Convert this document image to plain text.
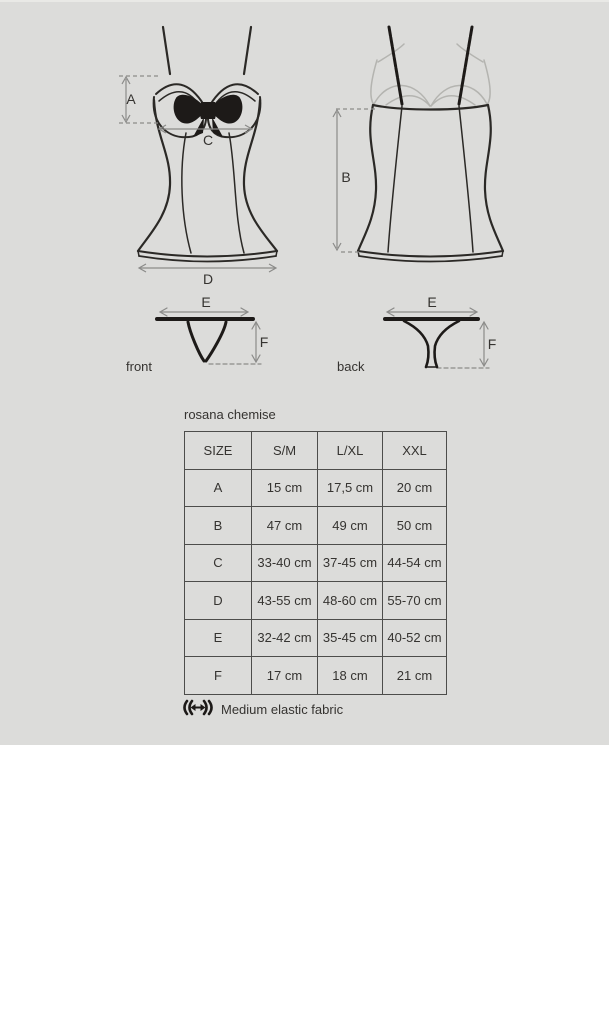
A
C
D
B
E
F
E
F
front	back
rosana chemise
SIZE	S/M	L/XL	XXL
A	15 cm	17,5 cm	20 cm
B	47 cm	49 cm	50 cm
C	33-40 cm	37-45 cm	44-54 cm
D	43-55 cm	48-60 cm	55-70 cm
E	32-42 cm	35-45 cm	40-52 cm
F	17 cm	18 cm	21 cm
Medium elastic fabric
